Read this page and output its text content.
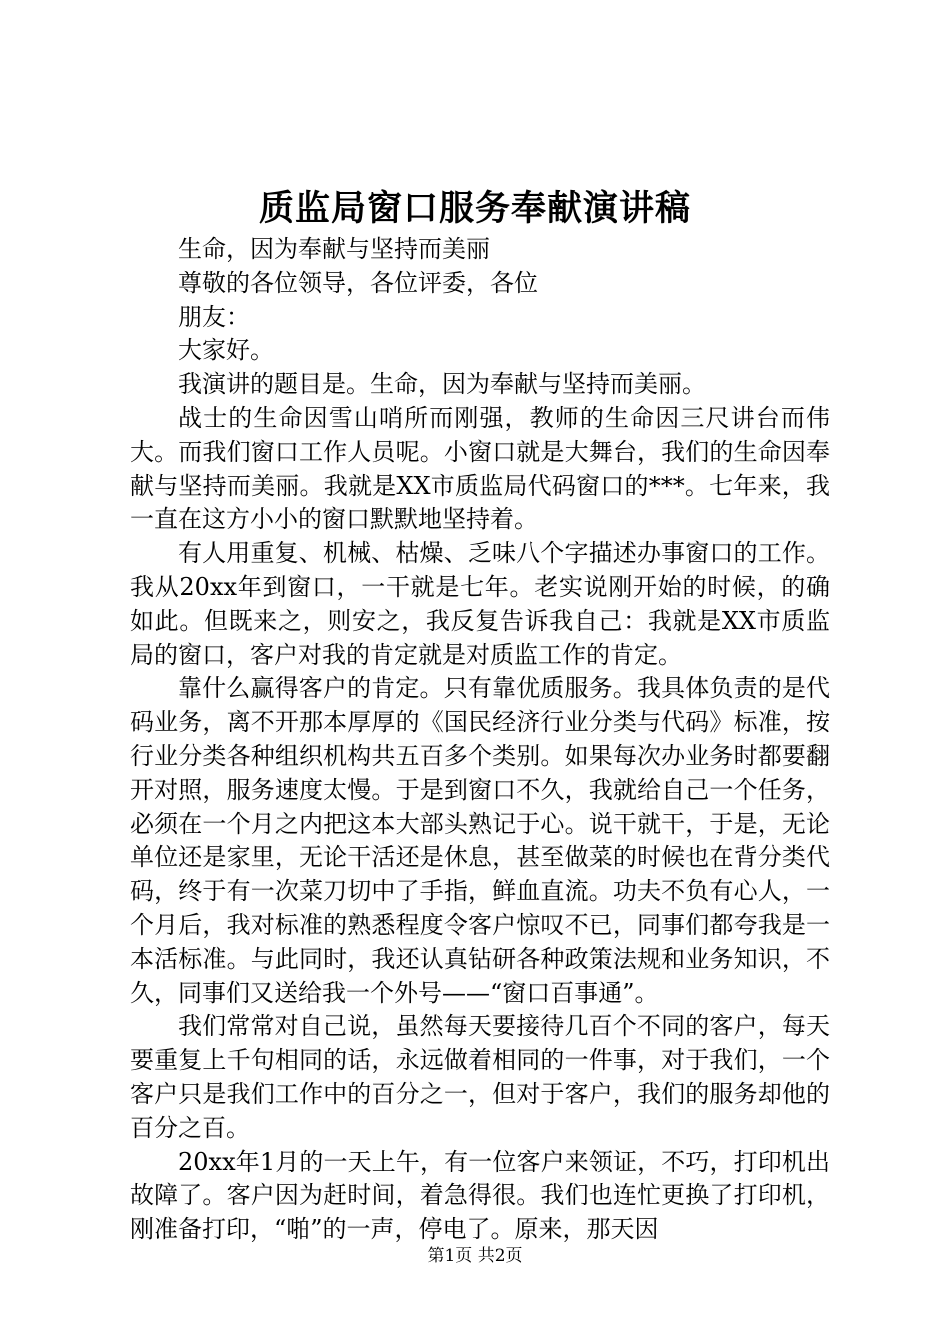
质监局窗口服务奉献演讲稿

生命，因为奉献与坚持而美丽

尊敬的各位领导，各位评委，各位

朋友：

大家好。

我演讲的题目是。生命，因为奉献与坚持而美丽。

战士的生命因雪山哨所而刚强，教师的生命因三尺讲台而伟大。而我们窗口工作人员呢。小窗口就是大舞台，我们的生命因奉献与坚持而美丽。我就是XX市质监局代码窗口的***。七年来，我一直在这方小小的窗口默默地坚持着。

有人用重复、机械、枯燥、乏味八个字描述办事窗口的工作。我从20xx年到窗口，一干就是七年。老实说刚开始的时候，的确如此。但既来之，则安之，我反复告诉我自己：我就是XX市质监局的窗口，客户对我的肯定就是对质监工作的肯定。

靠什么赢得客户的肯定。只有靠优质服务。我具体负责的是代码业务，离不开那本厚厚的《国民经济行业分类与代码》标准，按行业分类各种组织机构共五百多个类别。如果每次办业务时都要翻开对照，服务速度太慢。于是到窗口不久，我就给自己一个任务，必须在一个月之内把这本大部头熟记于心。说干就干，于是，无论单位还是家里，无论干活还是休息，甚至做菜的时候也在背分类代码，终于有一次菜刀切中了手指，鲜血直流。功夫不负有心人，一个月后，我对标准的熟悉程度令客户惊叹不已，同事们都夸我是一本活标准。与此同时，我还认真钻研各种政策法规和业务知识，不久，同事们又送给我一个外号——“窗口百事通”。

我们常常对自己说，虽然每天要接待几百个不同的客户，每天要重复上千句相同的话，永远做着相同的一件事，对于我们，一个客户只是我们工作中的百分之一，但对于客户，我们的服务却他的百分之百。

20xx年1月的一天上午，有一位客户来领证，不巧，打印机出故障了。客户因为赶时间，着急得很。我们也连忙更换了打印机，刚准备打印，“啪”的一声，停电了。原来，那天因

第1页 共2页
